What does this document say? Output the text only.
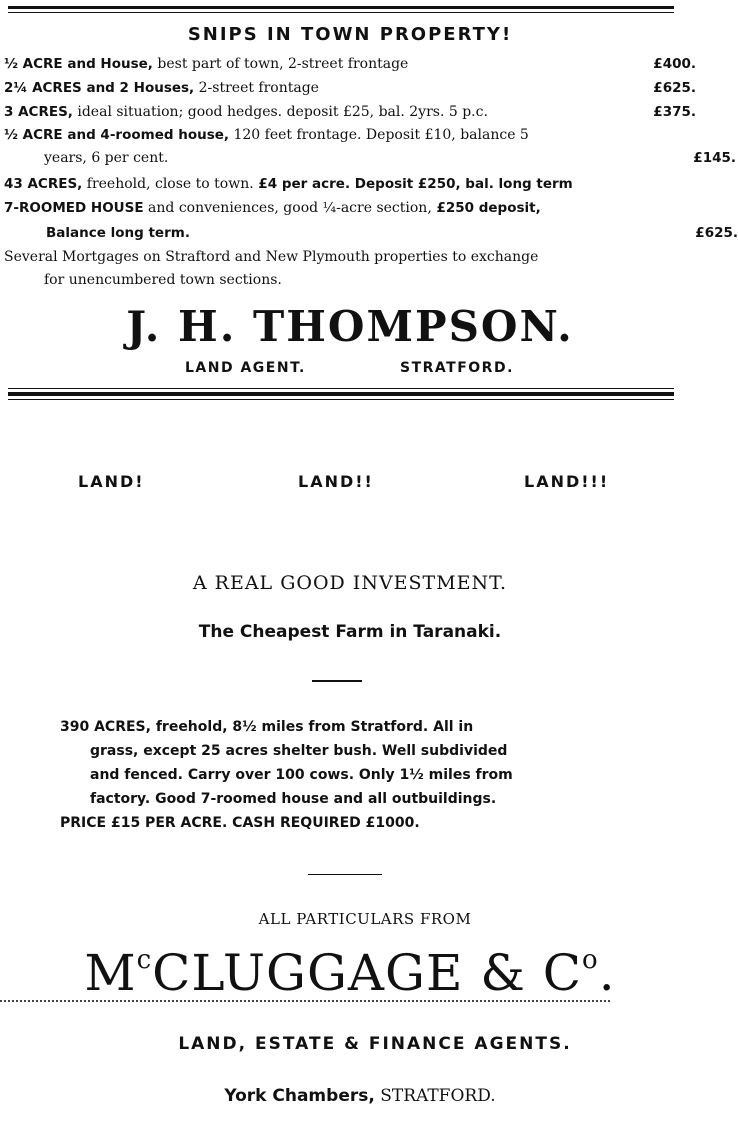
SNIPS IN TOWN PROPERTY!
½ ACRE and House, best part of town, 2-street frontage	£400.
2¼ ACRES and 2 Houses, 2-street frontage	£625.
3 ACRES, ideal situation; good hedges. deposit £25, bal. 2yrs. 5 p.c.	£375.
½ ACRE and 4-roomed house, 120 feet frontage. Deposit £10, balance 5
years, 6 per cent.	£145.
43 ACRES, freehold, close to town. £4 per acre. Deposit £250, bal. long term
7-ROOMED HOUSE and conveniences, good ¼-acre section, £250 deposit,
Balance long term.	£625.
Several Mortgages on Straftord and New Plymouth properties to exchange
for unencumbered town sections.
J. H. THOMPSON.
LAND AGENT.	STRATFORD.
LAND!	LAND!!	LAND!!!
A REAL GOOD INVESTMENT.
The Cheapest Farm in Taranaki.
390 ACRES, freehold, 8½ miles from Stratford. All in
grass, except 25 acres shelter bush. Well subdivided
and fenced. Carry over 100 cows. Only 1½ miles from
factory. Good 7-roomed house and all outbuildings.
PRICE £15 PER ACRE. CASH REQUIRED £1000.
ALL PARTICULARS FROM
$M^cCLUGGAGE$ & $C^o$.
LAND, ESTATE & FINANCE AGENTS.
York Chambers, STRATFORD.
